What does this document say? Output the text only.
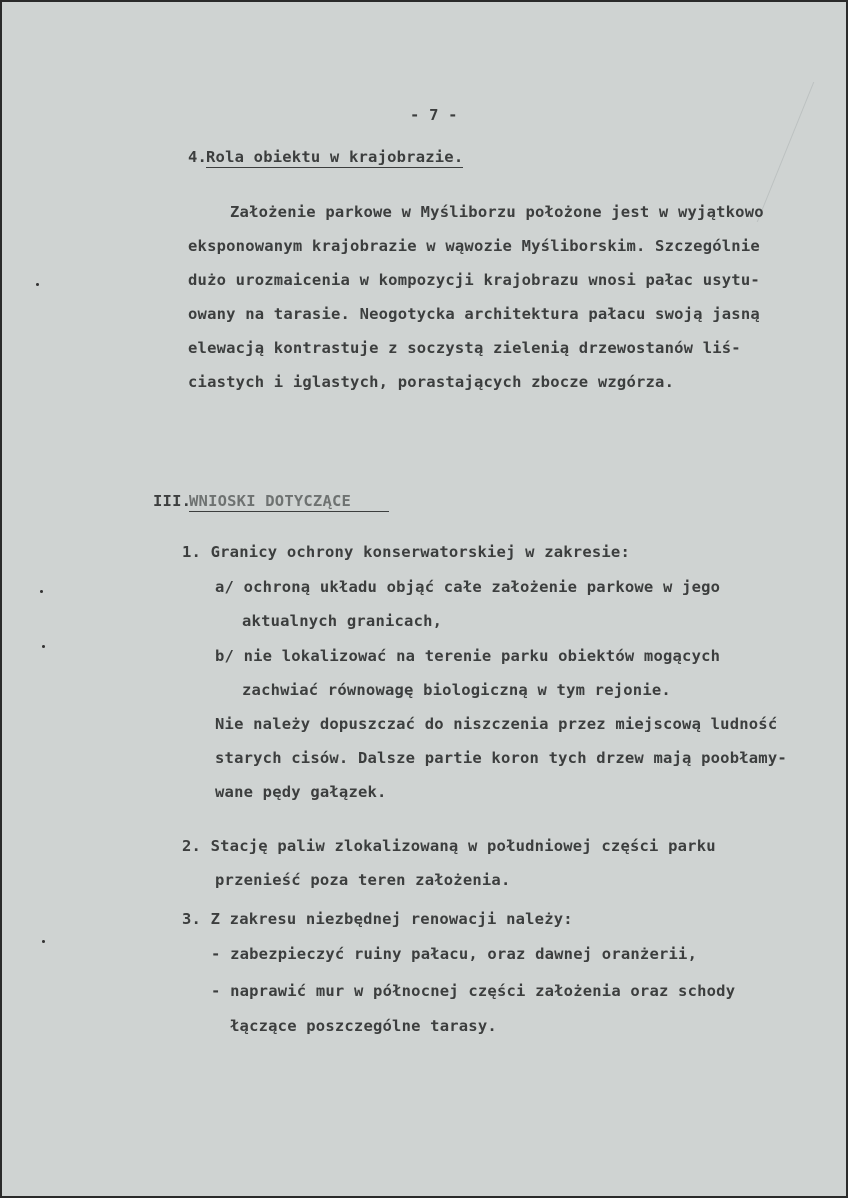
- 7 -
4.
Rola obiektu w krajobrazie.
Założenie parkowe w Myśliborzu położone jest w wyjątkowo
eksponowanym krajobrazie w wąwozie Myśliborskim. Szczególnie
dużo urozmaicenia w kompozycji krajobrazu wnosi pałac usytu-
owany na tarasie. Neogotycka architektura pałacu swoją jasną
elewacją kontrastuje z soczystą zielenią drzewostanów liś-
ciastych i iglastych, porastających zbocze wzgórza.
III.
WNIOSKI DOTYCZĄCE
1. Granicy ochrony konserwatorskiej w zakresie:
a/ ochroną układu objąć całe założenie parkowe w jego
aktualnych granicach,
b/ nie lokalizować na terenie parku obiektów mogących
zachwiać równowagę biologiczną w tym rejonie.
Nie należy dopuszczać do niszczenia przez miejscową ludność
starych cisów. Dalsze partie koron tych drzew mają poobłamy-
wane pędy gałązek.
2. Stację paliw zlokalizowaną w południowej części parku
przenieść poza teren założenia.
3. Z zakresu niezbędnej renowacji należy:
- zabezpieczyć ruiny pałacu, oraz dawnej oranżerii,
- naprawić mur w północnej części założenia oraz schody
łączące poszczególne tarasy.
